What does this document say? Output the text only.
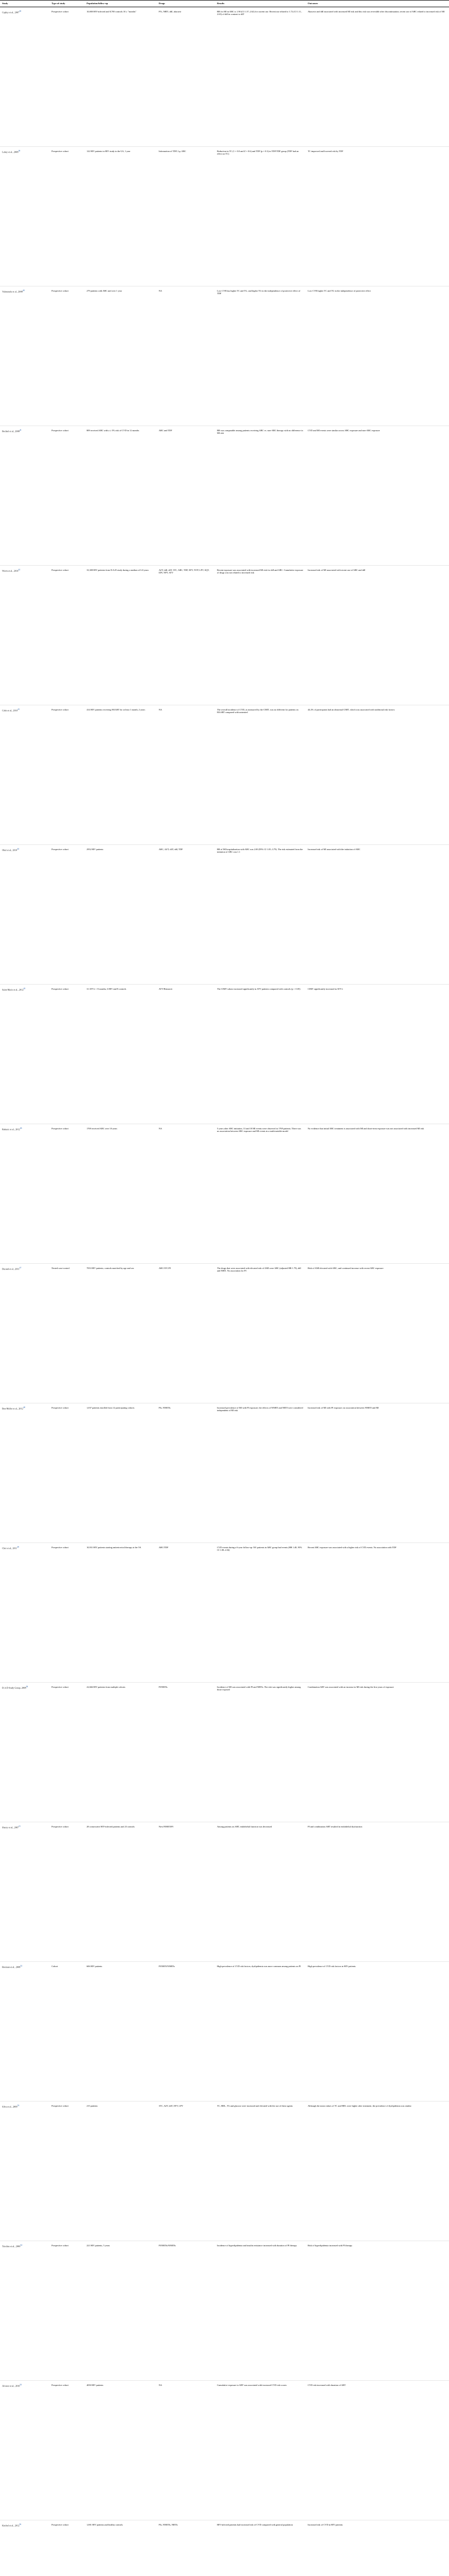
Study	Type of study	Population/follow-up	Drugs	Results	Outcomes
Cepluy et al., 2007$^{38}$	Prospective cohort	10,000 HIV-infected and 8,700 controls 10 ≥ "months"	PI's, NRTI, ddI, abacavir	RR for MI in ABC is 1.90 (CI 1.37–2.62) for current use. Recent use related to 1.72 (CI 1.11–2.65) of ddI in contrast to d4T	Abacavir and ddI associated with increased MI risk and this risk was reversible after discontinuation; recent use of ABC related to increased risk of MI
Lahey et al., 2008$^{39}$	Prospective cohort	122 HIV patients in HIV study in the US, 1 year	Information of TDF, Lp, ABC	Reduction in TC (1 = 0.0 and Z = 0.6) and TDF (p = 0.3) in TDF/TDF group (TDF had an effect on TC)	TC improved and lowered risk by TDF
Valenzuela et al., 2008$^{40}$	Prospective cohort	279 patients with ABC and over 1 year	NA	Low CVR has higher TC and TG, and higher TG in the independence of protective effect of TDF	Low CVR higher TC and TG in the independence of protective effect
Bechtel et al., 2008$^{41}$	Prospective cohort	809 received ABC with a ≥ 5% risk of CVD in 12 months	ABC and TDF	RR was comparable among patients receiving ABC vs. non-ABC therapy with no difference in MI risk	CVD and MI events were similar across ABC exposure and non-ABC exposure
Worm et al., 2010$^{42}$	Prospective cohort	33,308 HIV patients from D:A:D study during a median of 6.0 years	AZT, ddI, d4T, 3TC, ABC, TDF, EFV, NVP, LPV, SQV, IDV, NFV, ATV	Recent exposure was associated with increased MI risk for ddI and ABC. Cumulative exposure of drugs was not related to increased risk	Increased risk of MI associated with recent use of ABC and ddI
Cohn et al., 2010$^{43}$	Prospective cohort	414 HIV patients receiving HAART for at least 1 month, 2 years	NA	The overall incidence of CVD, as measured by the CIMT, was no different for patients on HAART compared with untreated	44.2% of participants had an abnormal CIMT, which was associated with traditional risk factors
Obel et al., 2010$^{44}$	Prospective cohort	2952 HIV patients	ABC, AZT, d4T, ddI, TDF	RR of MI hospitalization with ABC was 2.00 (95% CI 1.05–3.79). The risk estimated from the initiation of ABC was 1.1	Increased risk of MI associated with the initiation of ABC
Saint-Marie et al., 2012$^{45}$	Prospective cohort	31 ATV/r + 8 months, 6 HIV and 8 controls	ATV/Ritonavir	The CIMT values increased significantly in ATV patients compared with controls (p < 0.05)	CIMT significantly increased in ATV/r
Rakusic et al., 2012$^{46}$	Prospective cohort	1769 received ABC over 10 years	NA	5 years after ABC initiation, 13 and 18 MI events were observed in 1769 patients. There was no association between ABC exposure and MI events in a multivariable model	No evidence that initial ABC treatment is associated with MI and short-term exposure was not associated with increased MI risk
Durand et al., 2011$^{47}$	Nested case-control	7053 HIV patients; controls matched by age and sex	ABC/3TC/PI	The drugs that were associated with elevated risk of AMI were ABC (adjusted HR 1.79), ddI and NRTI. No association for PI	Risk of AMI elevated with ABC, and continued increase with recent ABC exposure
Ben-Meller et al., 2012$^{48}$	Prospective cohort	1,037 patients enrolled from 12 participating cohorts	PIs, NNRTIs	Increased prevalence of MI with PI exposure; the effects of NNRTI and NRTI were considered independent of MI risk	Increased risk of MI with PI exposure; no association between NNRTI and MI
Choi et al., 2011$^{49}$	Prospective cohort	10,931 HIV patients starting antiretroviral therapy at the VA	ABC/TDF	CVD events during a 6-year follow-up: 501 patients in ABC group had events (HR 1.48, 95% CI 1.08–2.04)	Recent ABC exposure was associated with a higher risk of CVD events. No association with TDF
D:A:D Study Group, 2008$^{50}$	Prospective cohort	22,666 HIV patients from multiple cohorts	PI/NRTIs	Incidence of MI was associated with PI and NRTIs. The risk was significantly higher among those exposed	Combination ART was associated with an increase in MI risk during the first years of exposure
Sherry et al., 2007$^{51}$	Prospective cohort	28 consecutive HIV-infected patients and 23 controls	Nevi/NNRTI/PI	Among patients on ART, endothelial function was decreased	PI and combination ART resulted in endothelial dysfunction
Brennan et al., 2008$^{52}$	Cohort	606 HIV patients	PI/NRTI/NNRTIs	High prevalence of CVD risk factors; dyslipidemia was more common among patients on PI	High prevalence of CVD risk factors in HIV patients
Silva et al., 2009$^{53}$	Prospective cohort	215 patients	3TC, AZT, d4T, EFV, LPV	TC, HDL, TG and glucose were increased and elevated with the use of these agents	Although the mean values of TC and HDL were higher after treatment, the prevalence of dyslipidemia was similar
Tsiodras et al., 2000$^{54}$	Prospective cohort	221 HIV patients, 5 years	PI/NRTIs/NNRTIs	Incidence of hyperlipidemia and insulin resistance increased with duration of PI therapy	Risk of hyperlipidemia increased with PI therapy
Alvarez et al., 2010$^{55}$	Prospective cohort	4050 HIV patients	NA	Cumulative exposure to ART was associated with increased CVD risk scores	CVD risk increased with duration of ART
Knobel et al., 2012$^{56}$	Prospective cohort	1,001 HIV patients and healthy controls	PIs, NNRTIs, NRTIs	HIV-infected patients had increased risk of CVD compared with general population	Increased risk of CVD in HIV patients
